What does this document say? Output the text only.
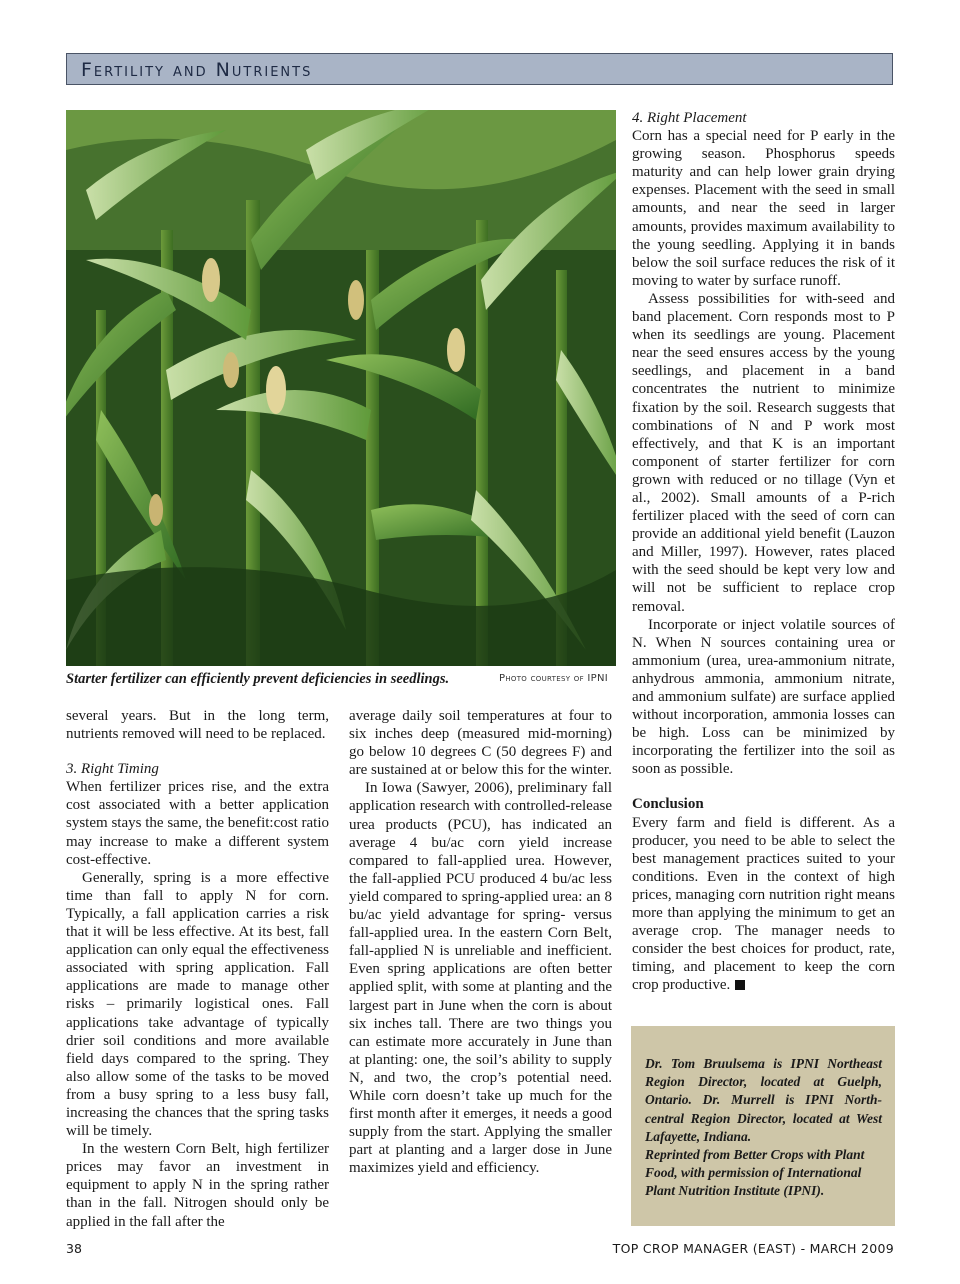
Fertility and Nutrients
Starter fertilizer can efficiently prevent deficiencies in seedlings.	Photo courtesy of IPNI

several years. But in the long term, nutrients removed will need to be replaced.

3. Right Timing

When fertilizer prices rise, and the extra cost associated with a better application system stays the same, the benefit:cost ratio may increase to make a different system cost-effective.

Generally, spring is a more effective time than fall to apply N for corn. Typically, a fall application carries a risk that it will be less effective. At its best, fall application can only equal the effectiveness associated with spring application. Fall applications are made to manage other risks – primarily logistical ones. Fall applications take advantage of typically drier soil conditions and more available field days compared to the spring. They also allow some of the tasks to be moved from a busy spring to a less busy fall, increasing the chances that the spring tasks will be timely.

In the western Corn Belt, high fertilizer prices may favor an investment in equipment to apply N in the spring rather than in the fall. Nitrogen should only be applied in the fall after the

average daily soil temperatures at four to six inches deep (measured mid-morning) go below 10 degrees C (50 degrees F) and are sustained at or below this for the winter.

In Iowa (Sawyer, 2006), preliminary fall application research with controlled-release urea products (PCU), has indicated an average 4 bu/ac corn yield increase compared to fall-applied urea. However, the fall-applied PCU produced 4 bu/ac less yield compared to spring-applied urea: an 8 bu/ac yield advantage for spring- versus fall-applied urea. In the eastern Corn Belt, fall-applied N is unreliable and inefficient. Even spring applications are often better applied split, with some at planting and the largest part in June when the corn is about six inches tall. There are two things you can estimate more accurately in June than at planting: one, the soil’s ability to supply N, and two, the crop’s potential need. While corn doesn’t take up much for the first month after it emerges, it needs a good supply from the start. Applying the smaller part at planting and a larger dose in June maximizes yield and efficiency.

4. Right Placement

Corn has a special need for P early in the growing season. Phosphorus speeds maturity and can help lower grain drying expenses. Placement with the seed in small amounts, and near the seed in larger amounts, provides maximum availability to the young seedling. Applying it in bands below the soil surface reduces the risk of it moving to water by surface runoff.

Assess possibilities for with-seed and band placement. Corn responds most to P when its seedlings are young. Placement near the seed ensures access by the young seedlings, and placement in a band concentrates the nutrient to minimize fixation by the soil. Research suggests that combinations of N and P work most effectively, and that K is an important component of starter fertilizer for corn grown with reduced or no tillage (Vyn et al., 2002). Small amounts of a P-rich fertilizer placed with the seed of corn can provide an additional yield benefit (Lauzon and Miller, 1997). However, rates placed with the seed should be kept very low and will not be sufficient to replace crop removal.

Incorporate or inject volatile sources of N. When N sources containing urea or ammonium (urea, urea-ammonium nitrate, anhydrous ammonia, ammonium nitrate, and ammonium sulfate) are surface applied without incorporation, ammonia losses can be high. Loss can be minimized by incorporating the fertilizer into the soil as soon as possible.

Conclusion

Every farm and field is different. As a producer, you need to be able to select the best management practices suited to your conditions. Even in the context of high prices, managing corn nutrition right means more than applying the minimum to get an average crop. The manager needs to consider the best choices for product, rate, timing, and placement to keep the corn crop productive.

Dr. Tom Bruulsema is IPNI Northeast Region Director, located at Guelph, Ontario. Dr. Murrell is IPNI North-central Region Director, located at West Lafayette, Indiana.

Reprinted from Better Crops with Plant Food, with permission of International Plant Nutrition Institute (IPNI).

38	TOP CROP MANAGER (EAST) - MARCH 2009
